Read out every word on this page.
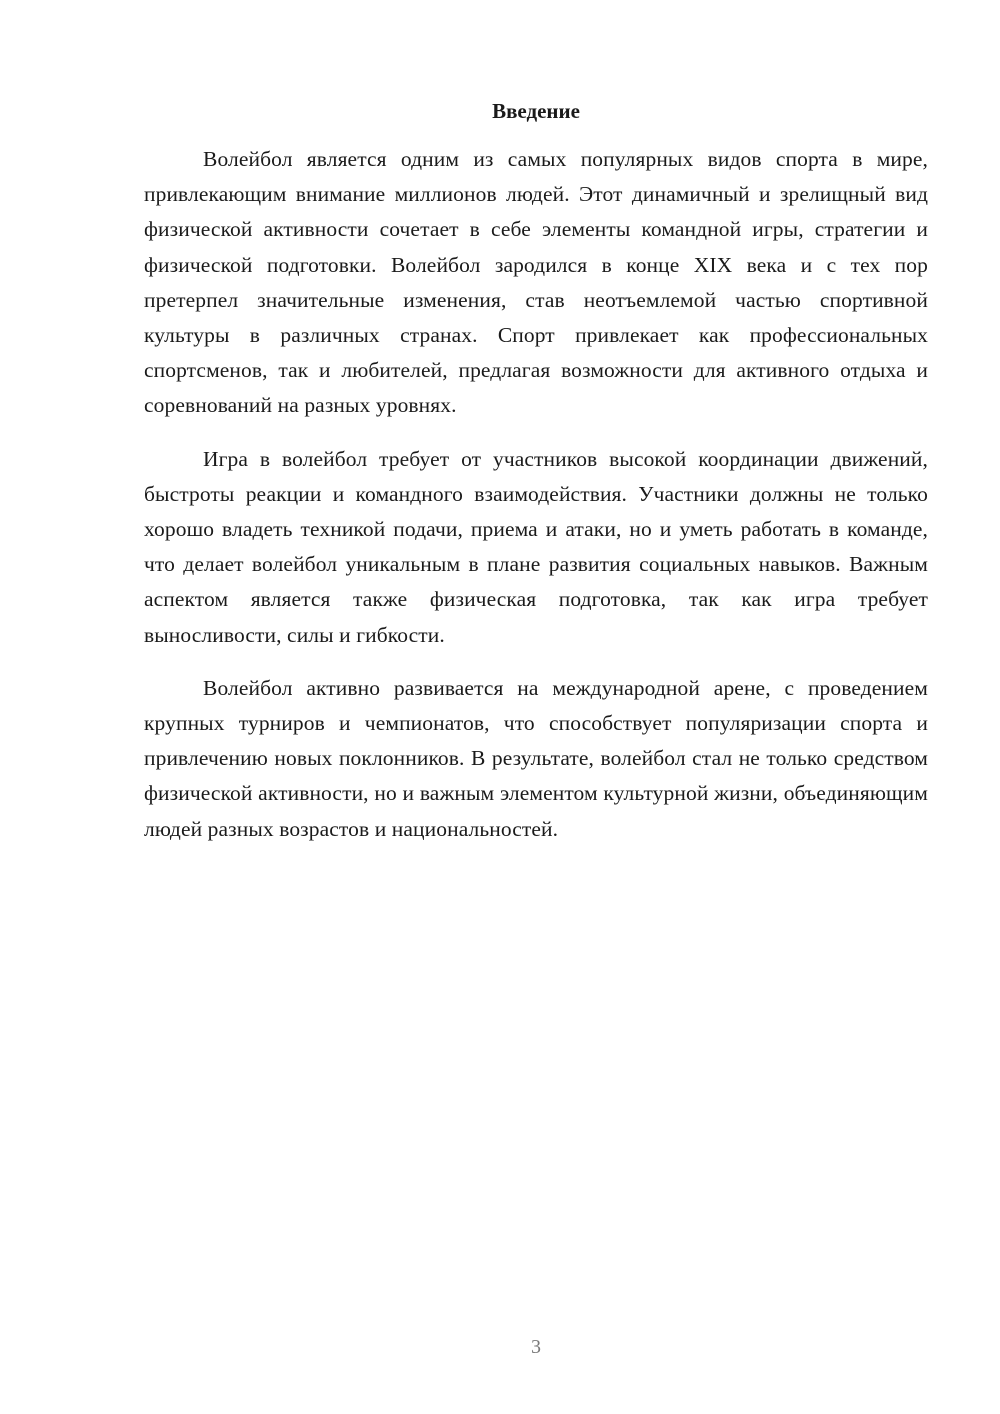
Введение

Волейбол является одним из самых популярных видов спорта в мире, привлекающим внимание миллионов людей. Этот динамичный и зрелищный вид физической активности сочетает в себе элементы командной игры, стратегии и физической подготовки. Волейбол зародился в конце XIX века и с тех пор претерпел значительные изменения, став неотъемлемой частью спортивной культуры в различных странах. Спорт привлекает как профессиональных спортсменов, так и любителей, предлагая возможности для активного отдыха и соревнований на разных уровнях.

Игра в волейбол требует от участников высокой координации движений, быстроты реакции и командного взаимодействия. Участники должны не только хорошо владеть техникой подачи, приема и атаки, но и уметь работать в команде, что делает волейбол уникальным в плане развития социальных навыков. Важным аспектом является также физическая подготовка, так как игра требует выносливости, силы и гибкости.

Волейбол активно развивается на международной арене, с проведением крупных турниров и чемпионатов, что способствует популяризации спорта и привлечению новых поклонников. В результате, волейбол стал не только средством физической активности, но и важным элементом культурной жизни, объединяющим людей разных возрастов и национальностей.

3
